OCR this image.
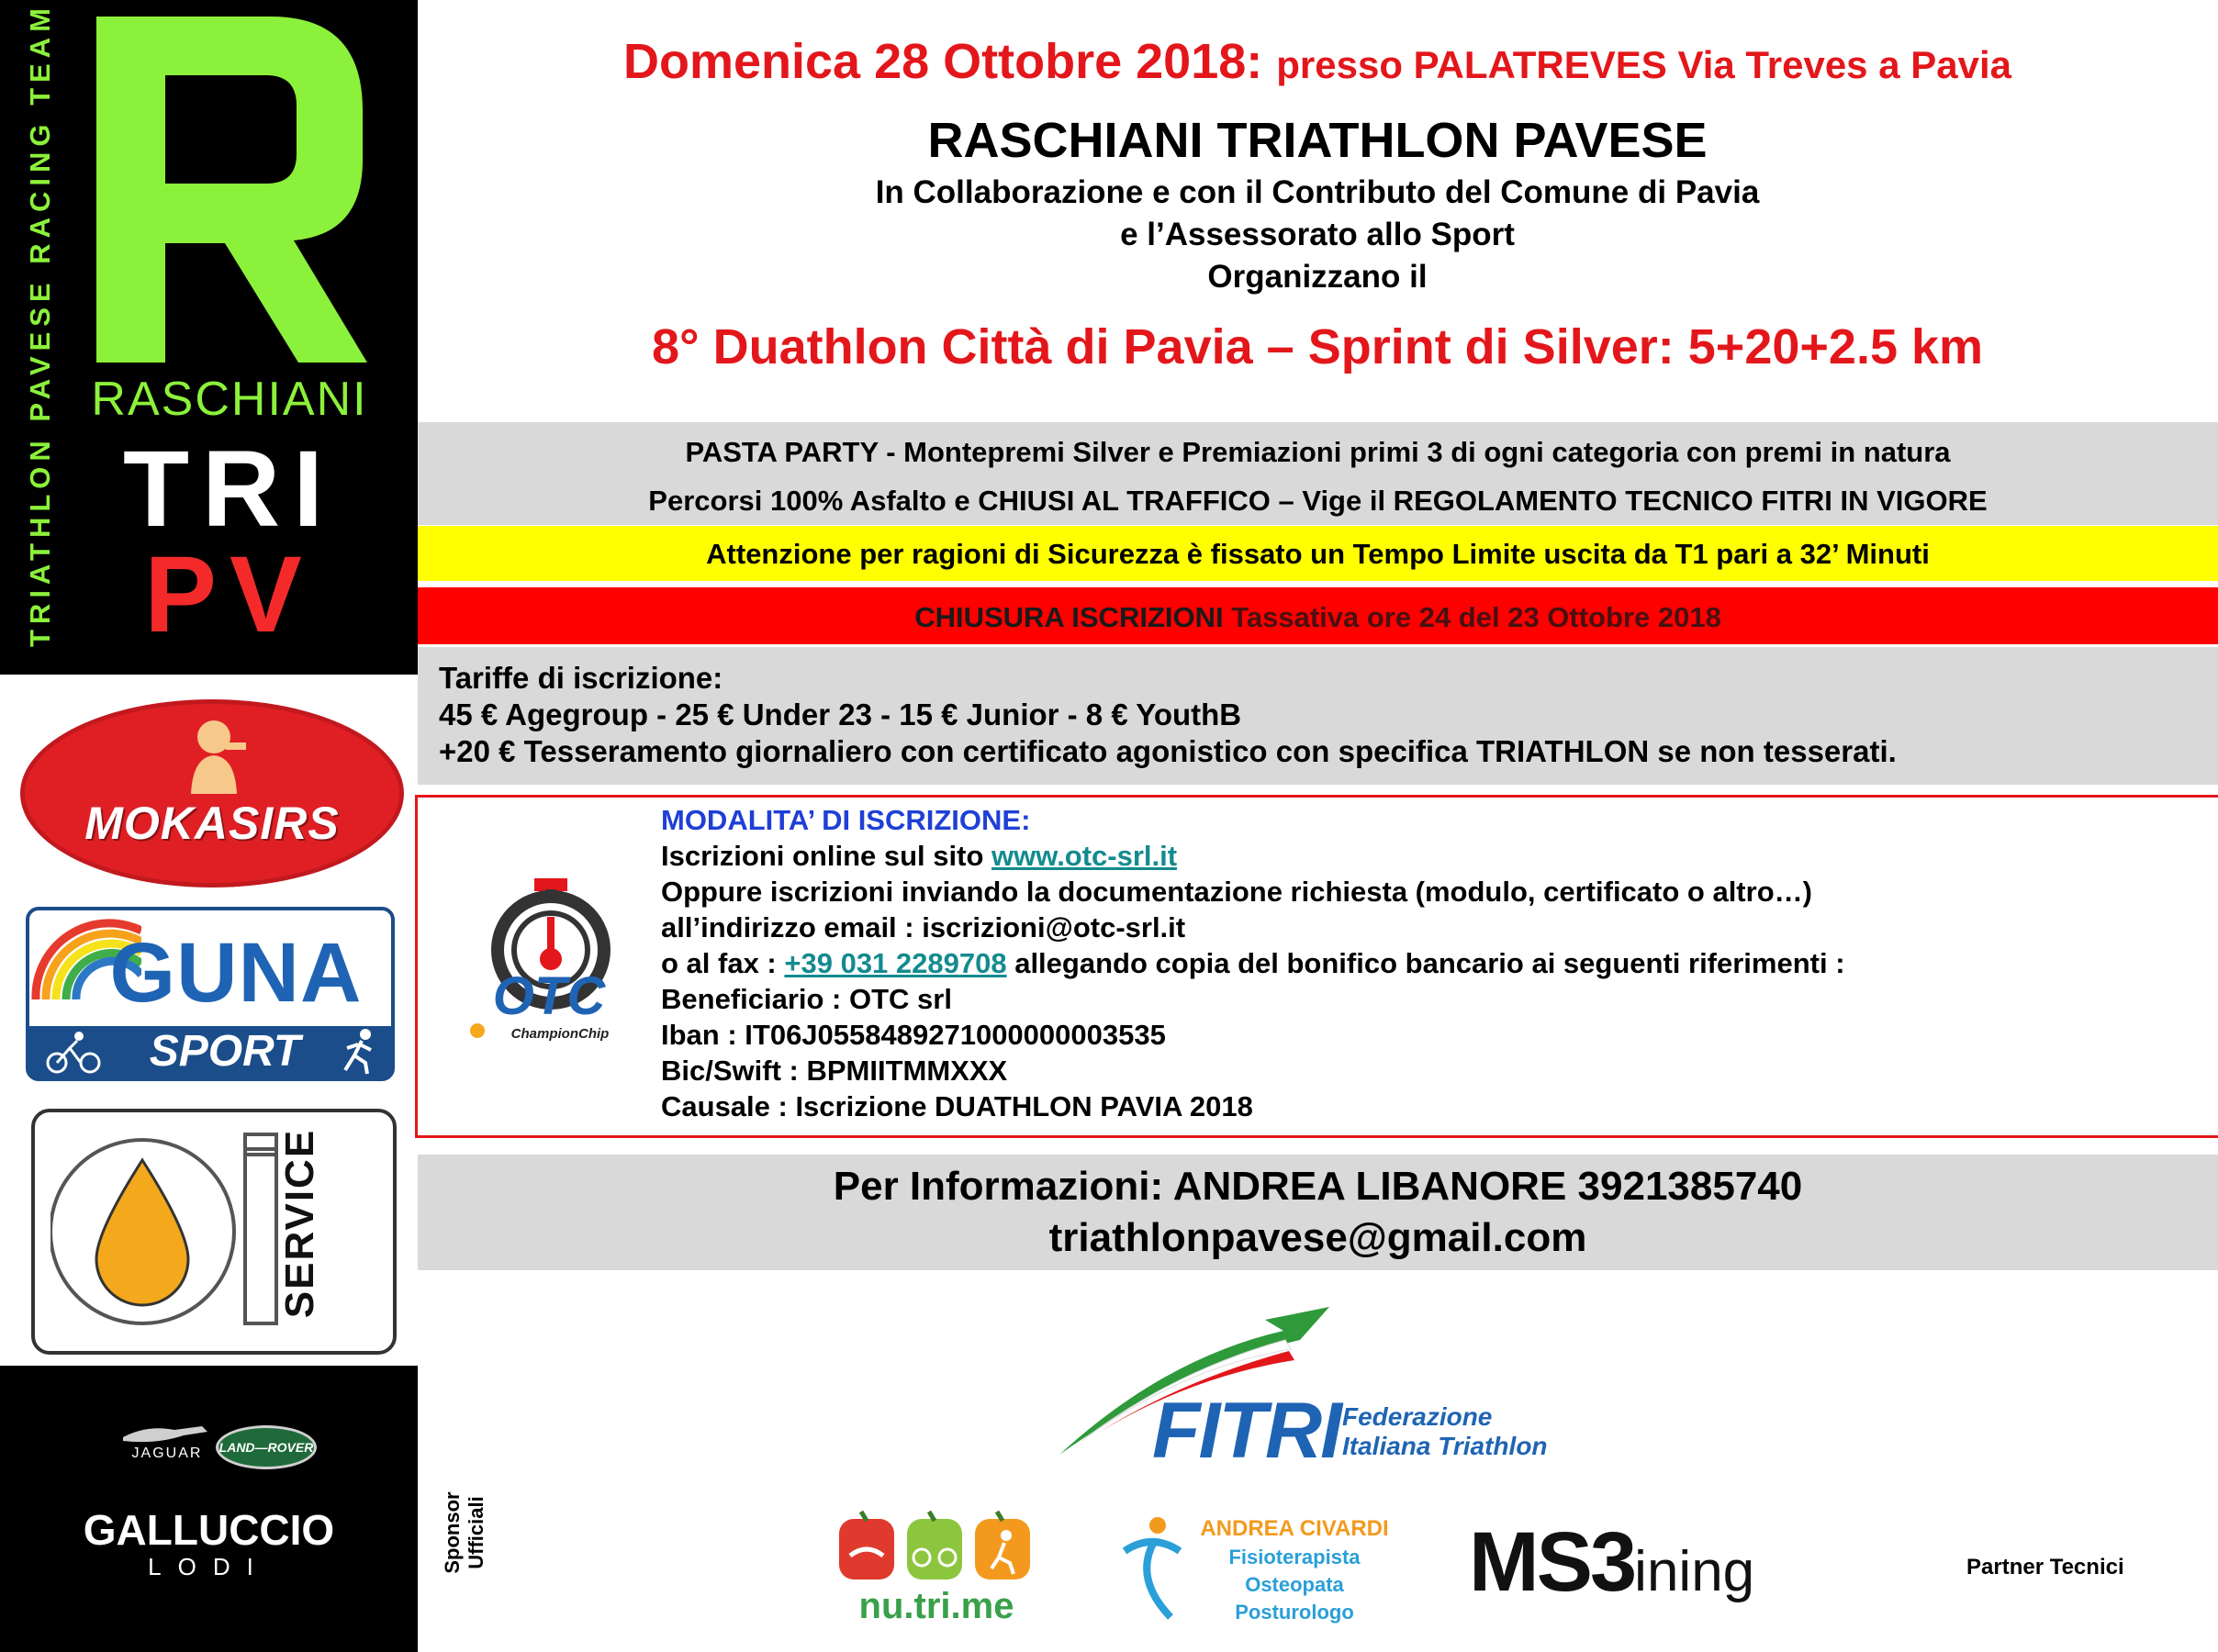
TRIATHLON PAVESE RACING TEAM RASCHIANI
TRI
PV
MOKASIRS
GUNA
SPORT
SERVICE
JAGUAR	LAND—ROVER
GALLUCCIO
LODI
Domenica 28 Ottobre 2018: presso PALATREVES Via Treves a Pavia
RASCHIANI TRIATHLON PAVESE
In Collaborazione e con il Contributo del Comune di Pavia
e l’Assessorato allo Sport
Organizzano il
8° Duathlon Città di Pavia – Sprint di Silver: 5+20+2.5 km
PASTA PARTY - Montepremi Silver e Premiazioni primi 3 di ogni categoria con premi in natura
Percorsi 100% Asfalto e CHIUSI AL TRAFFICO – Vige il REGOLAMENTO TECNICO FITRI IN VIGORE
Attenzione per ragioni di Sicurezza è fissato un Tempo Limite uscita da T1 pari a 32’ Minuti
CHIUSURA ISCRIZIONI Tassativa ore 24 del 23 Ottobre 2018
Tariffe di iscrizione:
45 € Agegroup - 25 € Under 23 - 15 € Junior - 8 € YouthB
+20 € Tesseramento giornaliero con certificato agonistico con specifica TRIATHLON se non tesserati.
OTC
ChampionChip
MODALITA’ DI ISCRIZIONE:
Iscrizioni online sul sito www.otc-srl.it
Oppure iscrizioni inviando la documentazione richiesta (modulo, certificato o altro…)
all’indirizzo email : iscrizioni@otc-srl.it
o al fax : +39 031 2289708 allegando copia del bonifico bancario ai seguenti riferimenti :
Beneficiario : OTC srl
Iban : IT06J0558489271000000003535
Bic/Swift : BPMIITMMXXX
Causale : Iscrizione DUATHLON PAVIA 2018
Per Informazioni: ANDREA LIBANORE 3921385740
triathlonpavese@gmail.com
FITRI Federazione
Italiana Triathlon
Sponsor Ufficiali
nu.tri.me
ANDREA CIVARDI
Fisioterapista
Osteopata
Posturologo
MS3ining	Partner Tecnici
